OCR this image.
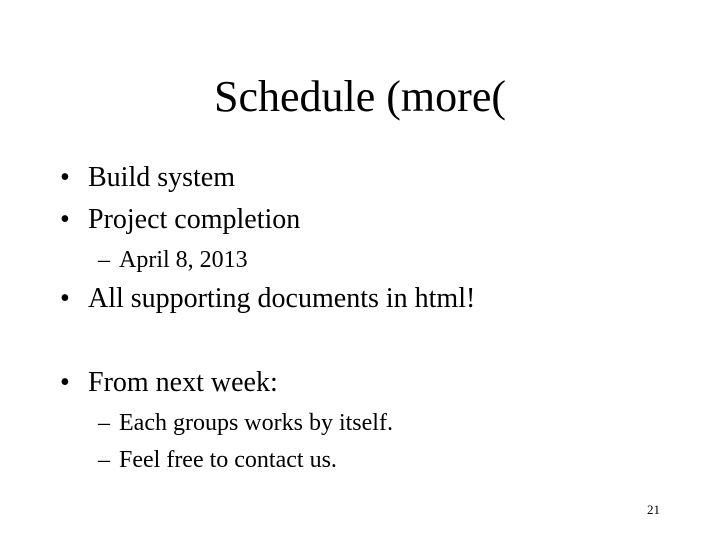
Schedule (more(
• Build system
• Project completion
– April 8, 2013
• All supporting documents in html!
• From next week:
– Each groups works by itself.
– Feel free to contact us.
21
